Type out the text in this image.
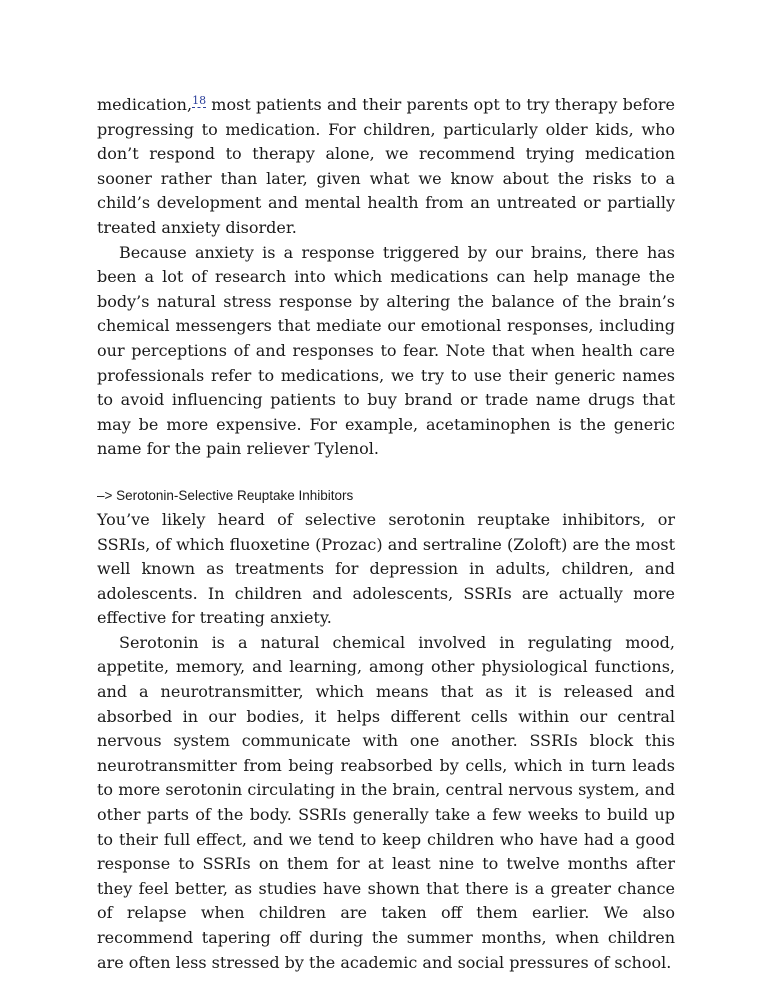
medication,$^{18}$ most patients and their parents opt to try therapy before progressing to medication. For children, particularly older kids, who don’t respond to therapy alone, we recommend trying medication sooner rather than later, given what we know about the risks to a child’s development and mental health from an untreated or partially treated anxiety disorder.

Because anxiety is a response triggered by our brains, there has been a lot of research into which medications can help manage the body’s natural stress response by altering the balance of the brain’s chemical messengers that mediate our emotional responses, including our perceptions of and responses to fear. Note that when health care professionals refer to medications, we try to use their generic names to avoid influencing patients to buy brand or trade name drugs that may be more expensive. For example, acetaminophen is the generic name for the pain reliever Tylenol.

–> Serotonin-Selective Reuptake Inhibitors

You’ve likely heard of selective serotonin reuptake inhibitors, or SSRIs, of which fluoxetine (Prozac) and sertraline (Zoloft) are the most well known as treatments for depression in adults, children, and adolescents. In children and adolescents, SSRIs are actually more effective for treating anxiety.

Serotonin is a natural chemical involved in regulating mood, appetite, memory, and learning, among other physiological functions, and a neurotransmitter, which means that as it is released and absorbed in our bodies, it helps different cells within our central nervous system communicate with one another. SSRIs block this neurotransmitter from being reabsorbed by cells, which in turn leads to more serotonin circulating in the brain, central nervous system, and other parts of the body. SSRIs generally take a few weeks to build up to their full effect, and we tend to keep children who have had a good response to SSRIs on them for at least nine to twelve months after they feel better, as studies have shown that there is a greater chance of relapse when children are taken off them earlier. We also recommend tapering off during the summer months, when children are often less stressed by the academic and social pressures of school.
